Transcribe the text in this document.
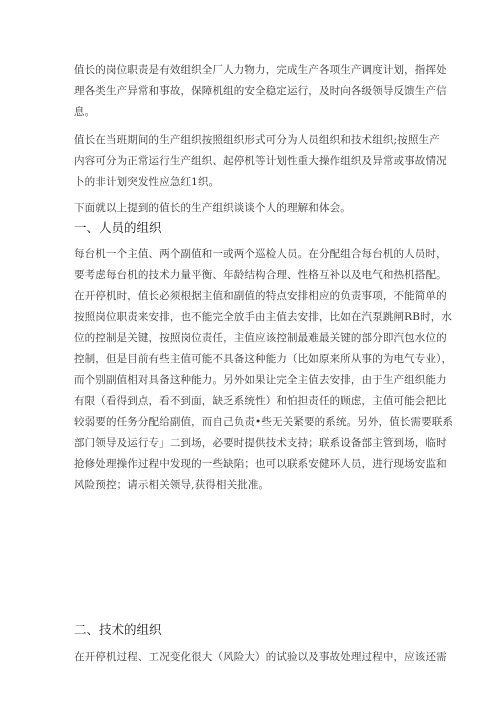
值长的岗位职责是有效组织全厂人力物力，完成生产各项生产调度计划，指挥处
理各类生产异常和事故，保障机组的安全稳定运行，及时向各级领导反馈生产信
息。
值长在当班期间的生产组织按照组织形式可分为人员组织和技术组织;按照生产
内容可分为正常运行生产组织、起停机等计划性重大操作组织及异常或事故情况
卜的非计划突发性应急红1织。
下面就以上提到的值长的生产组织谈谈个人的理解和体会。
一、人员的组织
每台机一个主值、两个副值和一或两个巡检人员。在分配组合每台机的人员时，
要考虑每台机的技术力量平衡、年龄结构合理、性格互补以及电气和热机搭配。
在开停机时，值长必须根据主值和副值的特点安排相应的负责事项，不能简单的
按照岗位职责来安排，也不能完全放手由主值去安排，比如在汽泵跳闸RB时，水
位的控制是关键，按照岗位责任，主值应该控制最难最关键的部分即汽包水位的
控制，但是目前有些主值可能不具备这种能力（比如原来所从事的为电气专业），
而个别副值相对具备这种能力。另外如果让完全主值去安排，由于生产组织能力
有限（看得到点，看不到面，缺乏系统性）和怕担责任的顾虑，主值可能会把比
较弱要的任务分配给副值，而自己负责•些无关紧要的系统。另外，值长需要联系
部门领导及运行专」二到场，必要时提供技术支持；联系设备部主管到场，临时
抢修处理操作过程中发现的一些缺陷；也可以联系安健环人员，进行现场安监和
风险预控；请示相关领导,获得相关批准。
二、技术的组织
在开停机过程、工况变化很大（风险大）的试验以及事故处理过程中，应该还需
